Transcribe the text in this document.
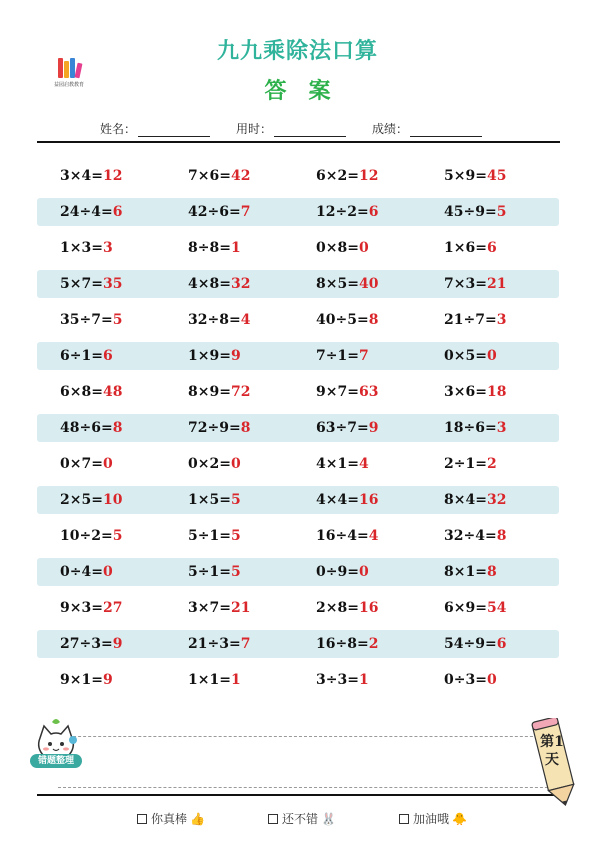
益园启教教育
九九乘除法口算
答案
姓名：	用时：	成绩：
3×4=12	7×6=42	6×2=12	5×9=45
24÷4=6	42÷6=7	12÷2=6	45÷9=5
1×3=3	8÷8=1	0×8=0	1×6=6
5×7=35	4×8=32	8×5=40	7×3=21
35÷7=5	32÷8=4	40÷5=8	21÷7=3
6÷1=6	1×9=9	7÷1=7	0×5=0
6×8=48	8×9=72	9×7=63	3×6=18
48÷6=8	72÷9=8	63÷7=9	18÷6=3
0×7=0	0×2=0	4×1=4	2÷1=2
2×5=10	1×5=5	4×4=16	8×4=32
10÷2=5	5÷1=5	16÷4=4	32÷4=8
0÷4=0	5÷1=5	0÷9=0	8×1=8
9×3=27	3×7=21	2×8=16	6×9=54
27÷3=9	21÷3=7	16÷8=2	54÷9=6
9×1=9	1×1=1	3÷3=1	0÷3=0
错题整理
第1天
你真棒 👍	还不错 🐰	加油哦 🐥
